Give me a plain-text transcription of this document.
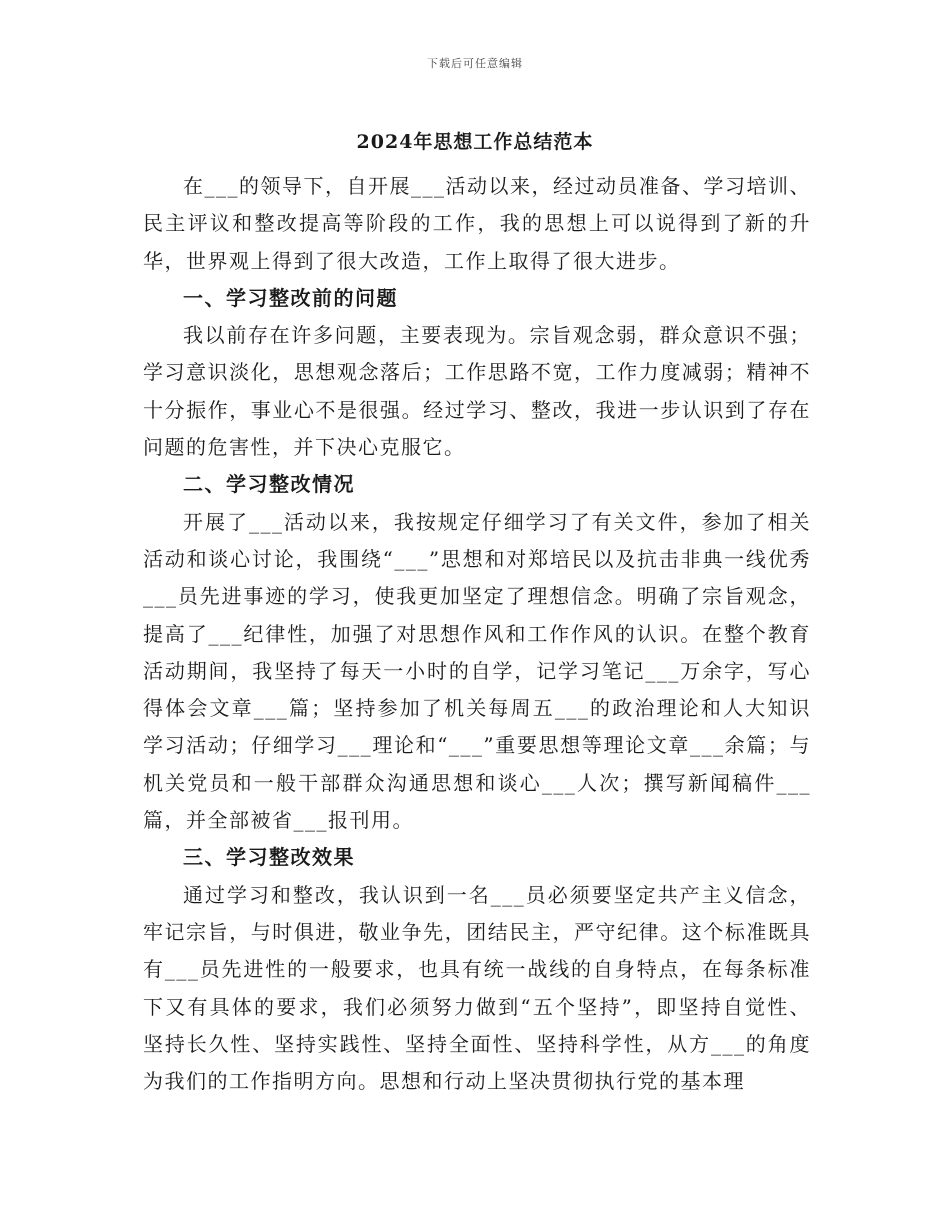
下载后可任意编辑
2024年思想工作总结范本

在___的领导下，自开展___活动以来，经过动员准备、学习培训、民主评议和整改提高等阶段的工作，我的思想上可以说得到了新的升华，世界观上得到了很大改造，工作上取得了很大进步。

一、学习整改前的问题

我以前存在许多问题，主要表现为。宗旨观念弱，群众意识不强；学习意识淡化，思想观念落后；工作思路不宽，工作力度减弱；精神不十分振作，事业心不是很强。经过学习、整改，我进一步认识到了存在问题的危害性，并下决心克服它。

二、学习整改情况

开展了___活动以来，我按规定仔细学习了有关文件，参加了相关活动和谈心讨论，我围绕“___”思想和对郑培民以及抗击非典一线优秀___员先进事迹的学习，使我更加坚定了理想信念。明确了宗旨观念，提高了___纪律性，加强了对思想作风和工作作风的认识。在整个教育活动期间，我坚持了每天一小时的自学，记学习笔记___万余字，写心得体会文章___篇；坚持参加了机关每周五___的政治理论和人大知识学习活动；仔细学习___理论和“___”重要思想等理论文章___余篇；与机关党员和一般干部群众沟通思想和谈心___人次；撰写新闻稿件___篇，并全部被省___报刊用。

三、学习整改效果

通过学习和整改，我认识到一名___员必须要坚定共产主义信念，牢记宗旨，与时俱进，敬业争先，团结民主，严守纪律。这个标准既具有___员先进性的一般要求，也具有统一战线的自身特点，在每条标准下又有具体的要求，我们必须努力做到“五个坚持”，即坚持自觉性、坚持长久性、坚持实践性、坚持全面性、坚持科学性，从方___的角度为我们的工作指明方向。思想和行动上坚决贯彻执行党的基本理
